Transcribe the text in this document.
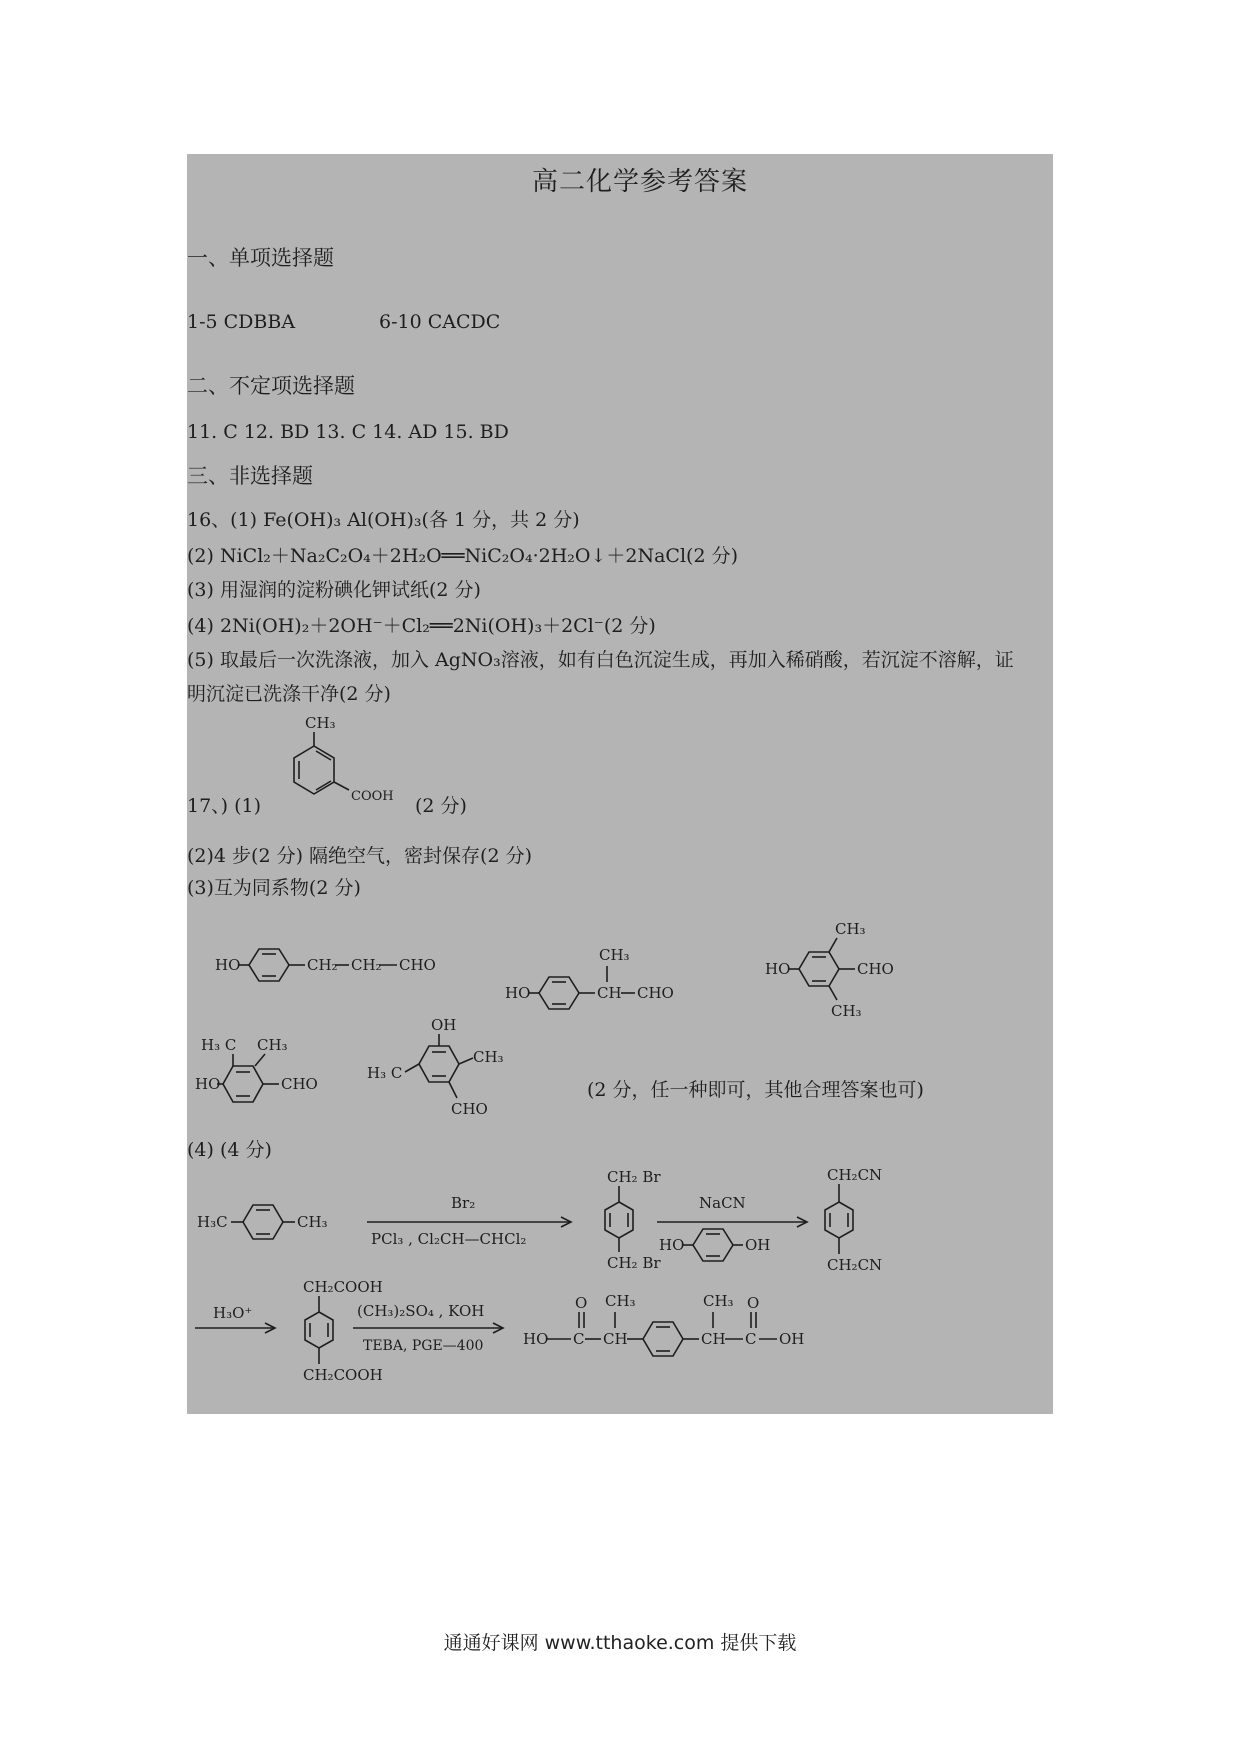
高二化学参考答案
一、单项选择题
1-5 CDBBA	6-10 CACDC
二、不定项选择题
11. C 12. BD 13. C 14. AD 15. BD
三、非选择题
16、(1) Fe(OH)₃ Al(OH)₃(各 1 分，共 2 分)
(2) NiCl₂＋Na₂C₂O₄＋2H₂O══NiC₂O₄·2H₂O↓＋2NaCl(2 分)
(3) 用湿润的淀粉碘化钾试纸(2 分)
(4) 2Ni(OH)₂＋2OH⁻＋Cl₂══2Ni(OH)₃＋2Cl⁻(2 分)
(5) 取最后一次洗涤液，加入 AgNO₃溶液，如有白色沉淀生成，再加入稀硝酸，若沉淀不溶解，证
明沉淀已洗涤干净(2 分)
17、) (1)
CH₃
COOH (2 分)
(2)4 步(2 分) 隔绝空气，密封保存(2 分)
(3)互为同系物(2 分)
HO	CH₂ CH₂ CHO
HO	CH
CH₃
CHO
HO
CH₃
CH₃
CHO
H₃ C CH₃
HO	CHO
OH
CH₃
CHO
H₃ C
(2 分，任一种即可，其他合理答案也可)
(4) (4 分)
H₃C	CH₃
Br₂
PCl₃ , Cl₂CH—CHCl₂
CH₂ Br
CH₂ Br
NaCN
HO	OH
CH₂CN
CH₂CN
H₃O⁺
CH₂COOH
CH₂COOH
(CH₃)₂SO₄ , KOH
TEBA, PGE—400	HO C
O
CH
CH₃
CH
CH₃
C
O
OH
通通好课网 www.tthaoke.com 提供下载
